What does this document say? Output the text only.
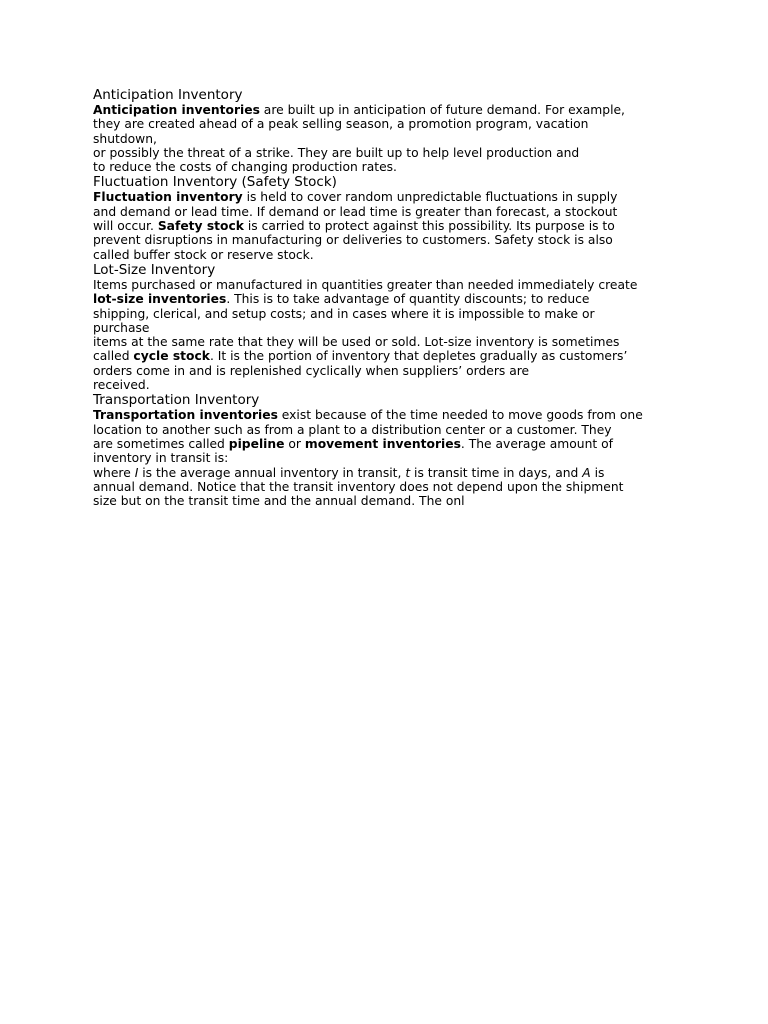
Anticipation Inventory

Anticipation inventories are built up in anticipation of future demand. For example,

they are created ahead of a peak selling season, a promotion program, vacation

shutdown,

or possibly the threat of a strike. They are built up to help level production and

to reduce the costs of changing production rates.

Fluctuation Inventory (Safety Stock)

Fluctuation inventory is held to cover random unpredictable fluctuations in supply

and demand or lead time. If demand or lead time is greater than forecast, a stockout

will occur. Safety stock is carried to protect against this possibility. Its purpose is to

prevent disruptions in manufacturing or deliveries to customers. Safety stock is also

called buffer stock or reserve stock.

Lot-Size Inventory

Items purchased or manufactured in quantities greater than needed immediately create

lot-size inventories. This is to take advantage of quantity discounts; to reduce

shipping, clerical, and setup costs; and in cases where it is impossible to make or

purchase

items at the same rate that they will be used or sold. Lot-size inventory is sometimes

called cycle stock. It is the portion of inventory that depletes gradually as customers’

orders come in and is replenished cyclically when suppliers’ orders are

received.

Transportation Inventory

Transportation inventories exist because of the time needed to move goods from one

location to another such as from a plant to a distribution center or a customer. They

are sometimes called pipeline or movement inventories. The average amount of

inventory in transit is:

where I is the average annual inventory in transit, t is transit time in days, and A is

annual demand. Notice that the transit inventory does not depend upon the shipment

size but on the transit time and the annual demand. The onl
